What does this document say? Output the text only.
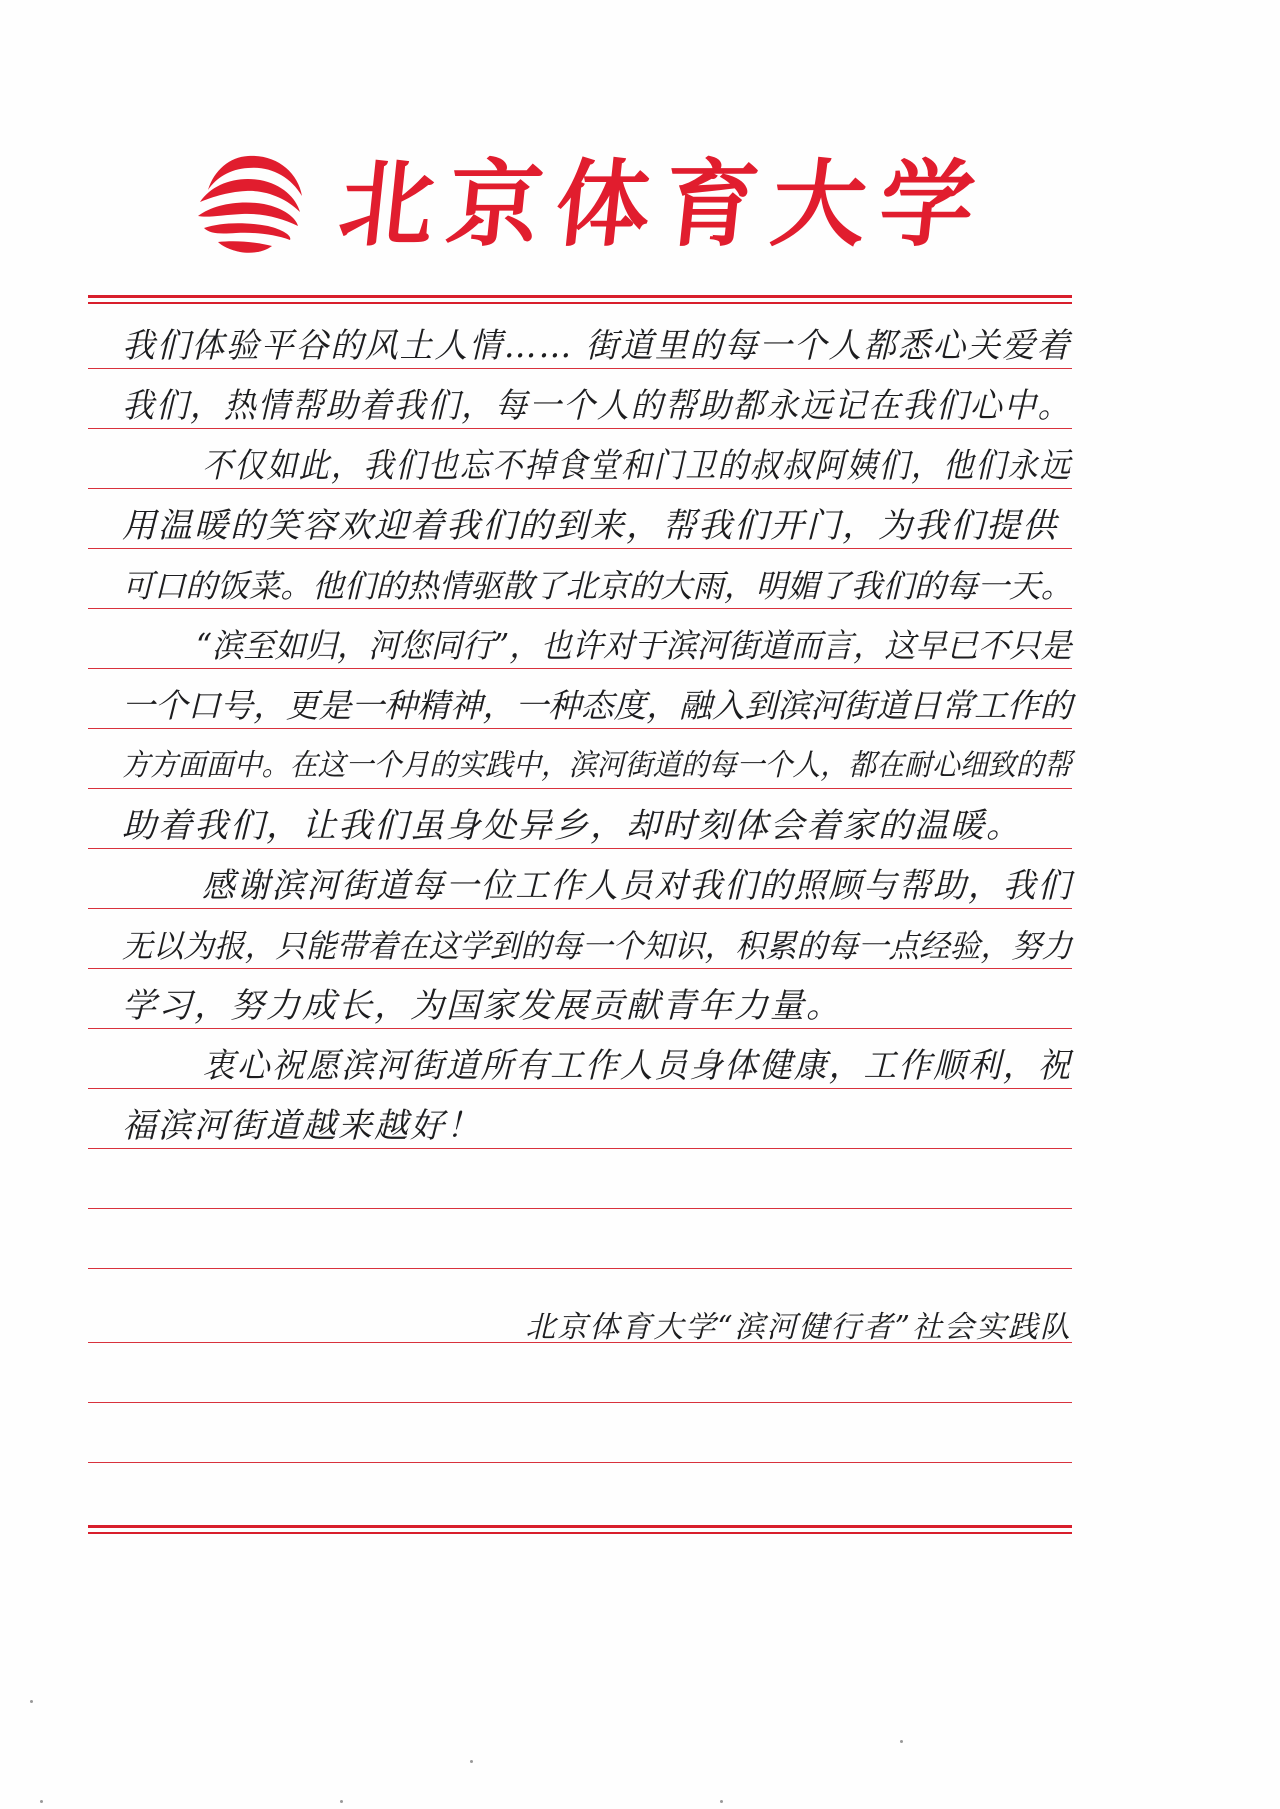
北京体育大学
我们体验平谷的风土人情…… 街道里的每一个人都悉心关爱着
我们，热情帮助着我们，每一个人的帮助都永远记在我们心中。
不仅如此，我们也忘不掉食堂和门卫的叔叔阿姨们，他们永远
用温暖的笑容欢迎着我们的到来，帮我们开门，为我们提供
可口的饭菜。他们的热情驱散了北京的大雨，明媚了我们的每一天。
“滨至如归，河您同行”，也许对于滨河街道而言，这早已不只是
一个口号，更是一种精神，一种态度，融入到滨河街道日常工作的
方方面面中。在这一个月的实践中，滨河街道的每一个人，都在耐心细致的帮
助着我们，让我们虽身处异乡，却时刻体会着家的温暖。
感谢滨河街道每一位工作人员对我们的照顾与帮助，我们
无以为报，只能带着在这学到的每一个知识，积累的每一点经验，努力
学习，努力成长，为国家发展贡献青年力量。
衷心祝愿滨河街道所有工作人员身体健康，工作顺利，祝
福滨河街道越来越好！
北京体育大学“滨河健行者”社会实践队
